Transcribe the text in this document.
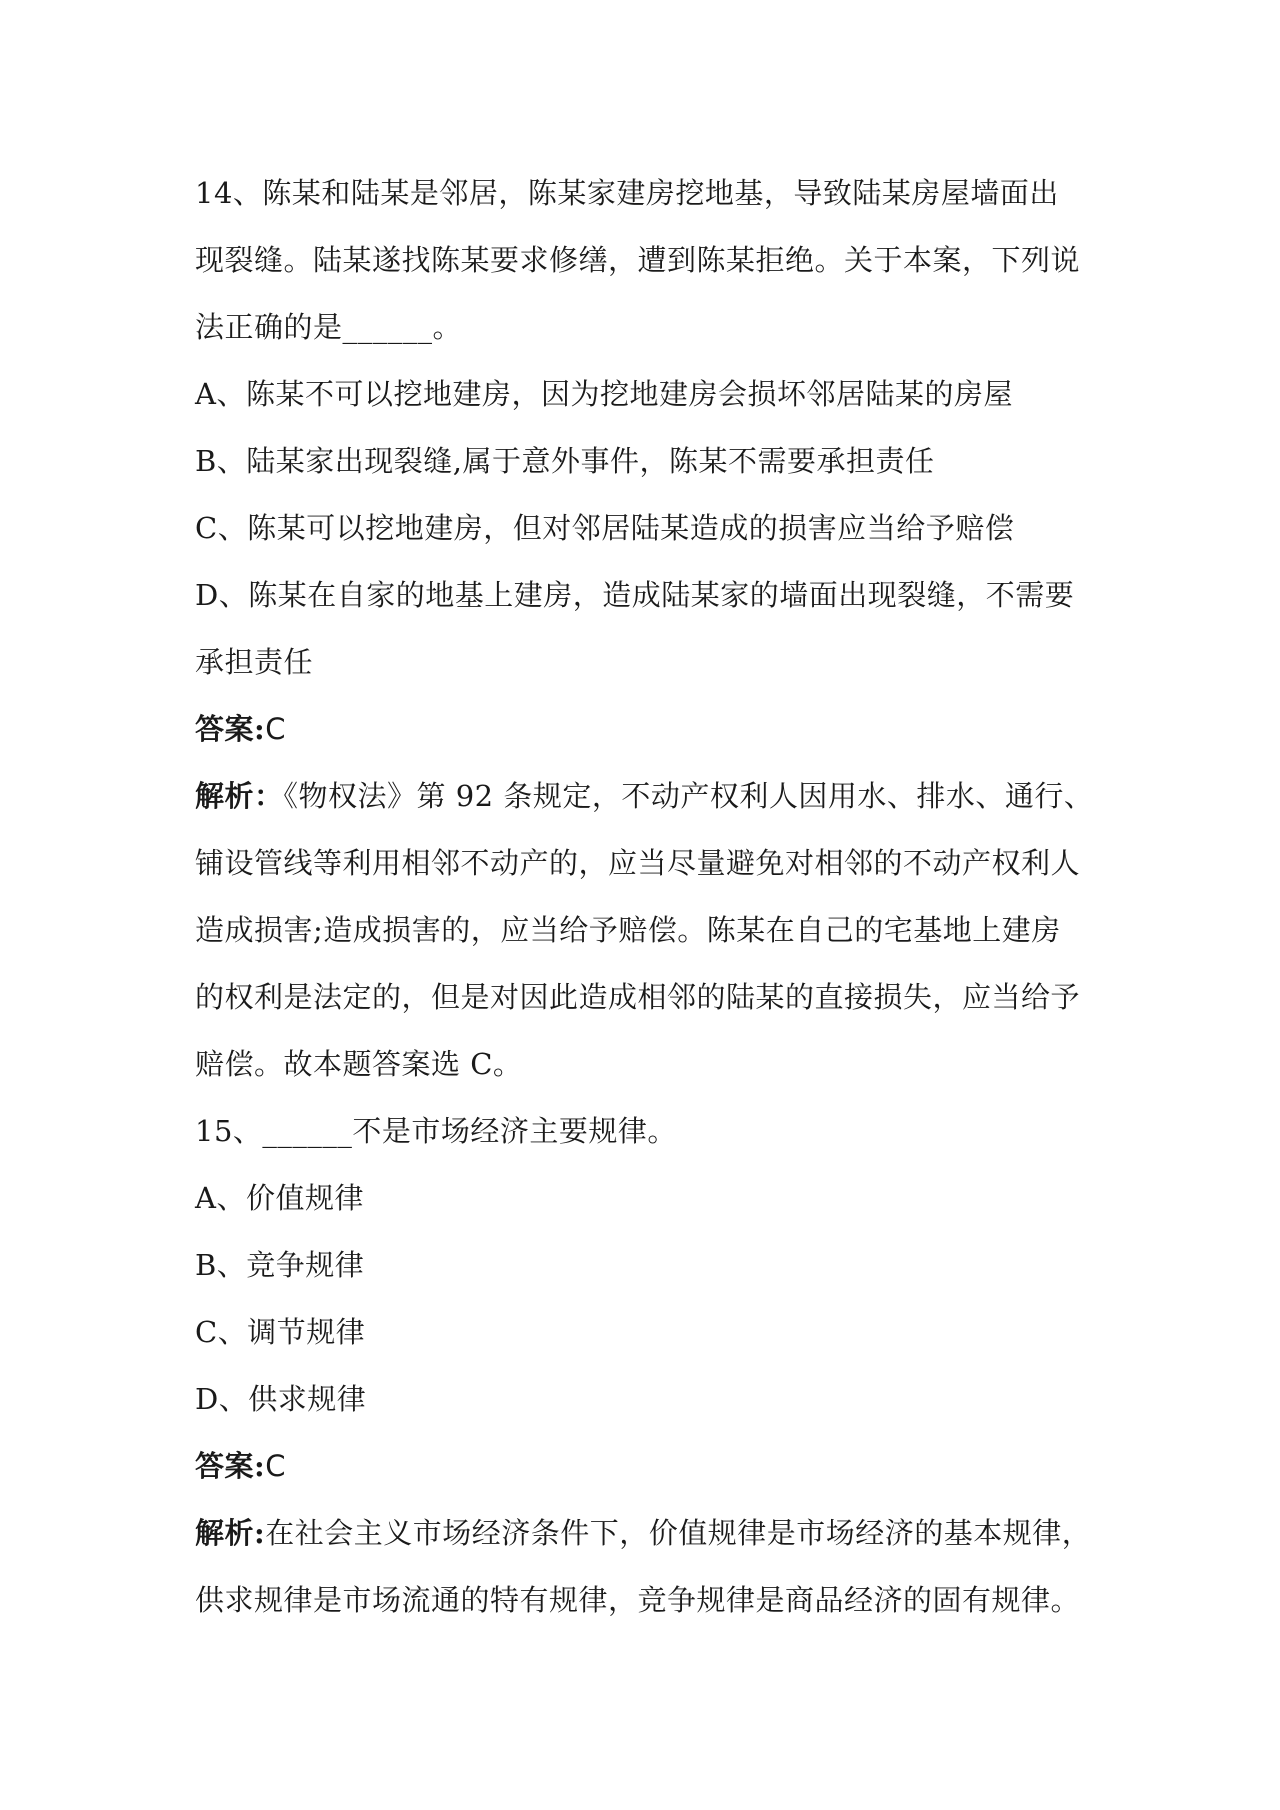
14、陈某和陆某是邻居，陈某家建房挖地基，导致陆某房屋墙面出
现裂缝。陆某遂找陈某要求修缮，遭到陈某拒绝。关于本案，下列说
法正确的是______。
A、陈某不可以挖地建房，因为挖地建房会损坏邻居陆某的房屋
B、陆某家出现裂缝,属于意外事件，陈某不需要承担责任
C、陈某可以挖地建房，但对邻居陆某造成的损害应当给予赔偿
D、陈某在自家的地基上建房，造成陆某家的墙面出现裂缝，不需要
承担责任
答案:C
解析：《物权法》第 92 条规定，不动产权利人因用水、排水、通行、
铺设管线等利用相邻不动产的，应当尽量避免对相邻的不动产权利人
造成损害;造成损害的，应当给予赔偿。陈某在自己的宅基地上建房
的权利是法定的，但是对因此造成相邻的陆某的直接损失，应当给予
赔偿。故本题答案选 C。
15、______不是市场经济主要规律。
A、价值规律
B、竞争规律
C、调节规律
D、供求规律
答案:C
解析:在社会主义市场经济条件下，价值规律是市场经济的基本规律，
供求规律是市场流通的特有规律，竞争规律是商品经济的固有规律。
